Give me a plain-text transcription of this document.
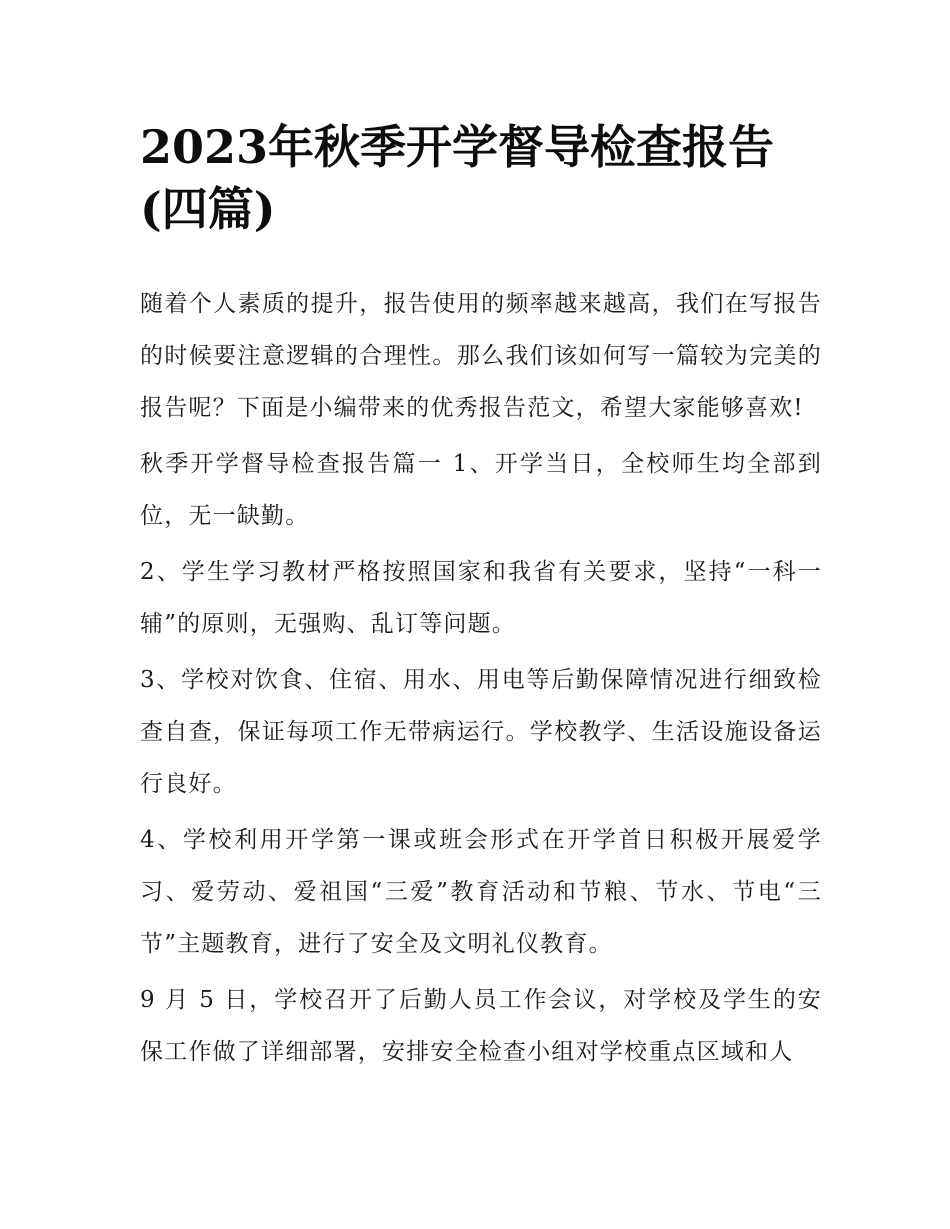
2023年秋季开学督导检查报告(四篇)

随着个人素质的提升，报告使用的频率越来越高，我们在写报告的时候要注意逻辑的合理性。那么我们该如何写一篇较为完美的报告呢？下面是小编带来的优秀报告范文，希望大家能够喜欢!

秋季开学督导检查报告篇一 1、开学当日，全校师生均全部到位，无一缺勤。

2、学生学习教材严格按照国家和我省有关要求，坚持“一科一辅”的原则，无强购、乱订等问题。

3、学校对饮食、住宿、用水、用电等后勤保障情况进行细致检查自查，保证每项工作无带病运行。学校教学、生活设施设备运行良好。

4、学校利用开学第一课或班会形式在开学首日积极开展爱学习、爱劳动、爱祖国“三爱”教育活动和节粮、节水、节电“三节”主题教育，进行了安全及文明礼仪教育。

9 月 5 日，学校召开了后勤人员工作会议，对学校及学生的安保工作做了详细部署，安排安全检查小组对学校重点区域和人
